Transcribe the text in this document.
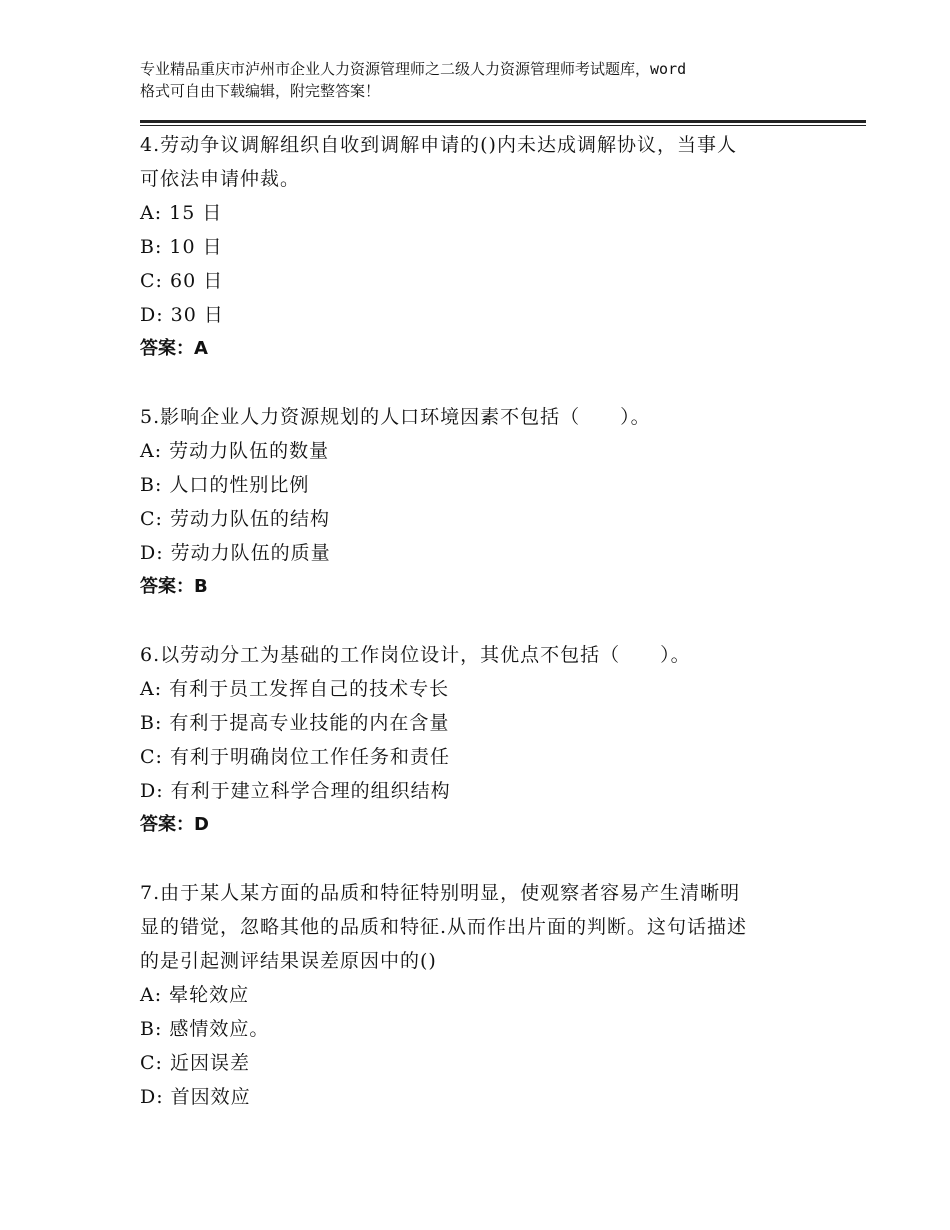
专业精品重庆市泸州市企业人力资源管理师之二级人力资源管理师考试题库，word
格式可自由下载编辑，附完整答案！
4.劳动争议调解组织自收到调解申请的()内未达成调解协议，当事人
可依法申请仲裁。
A: 15 日
B: 10 日
C: 60 日
D: 30 日
答案：A
5.影响企业人力资源规划的人口环境因素不包括（　　）。
A: 劳动力队伍的数量
B: 人口的性别比例
C: 劳动力队伍的结构
D: 劳动力队伍的质量
答案：B
6.以劳动分工为基础的工作岗位设计，其优点不包括（　　）。
A: 有利于员工发挥自己的技术专长
B: 有利于提高专业技能的内在含量
C: 有利于明确岗位工作任务和责任
D: 有利于建立科学合理的组织结构
答案：D
7.由于某人某方面的品质和特征特别明显，使观察者容易产生清晰明
显的错觉，忽略其他的品质和特征.从而作出片面的判断。这句话描述
的是引起测评结果误差原因中的()
A: 晕轮效应
B: 感情效应。
C: 近因误差
D: 首因效应
